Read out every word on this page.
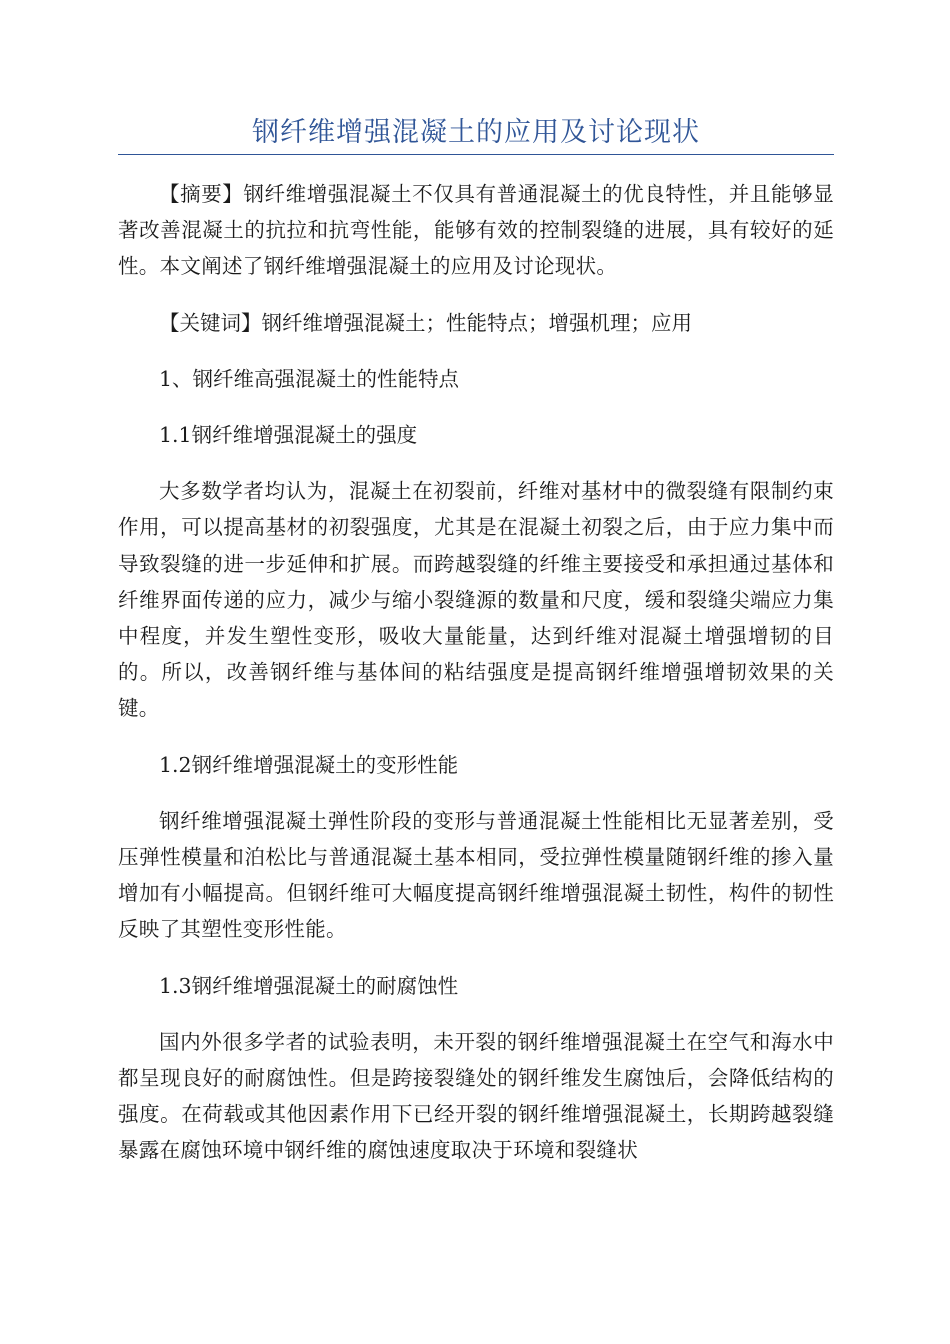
钢纤维增强混凝土的应用及讨论现状

【摘要】钢纤维增强混凝土不仅具有普通混凝土的优良特性，并且能够显著改善混凝土的抗拉和抗弯性能，能够有效的控制裂缝的进展，具有较好的延性。本文阐述了钢纤维增强混凝土的应用及讨论现状。

【关键词】钢纤维增强混凝土；性能特点；增强机理；应用

1、钢纤维高强混凝土的性能特点

1.1钢纤维增强混凝土的强度

大多数学者均认为，混凝土在初裂前，纤维对基材中的微裂缝有限制约束作用，可以提高基材的初裂强度，尤其是在混凝土初裂之后，由于应力集中而导致裂缝的进一步延伸和扩展。而跨越裂缝的纤维主要接受和承担通过基体和纤维界面传递的应力，减少与缩小裂缝源的数量和尺度，缓和裂缝尖端应力集中程度，并发生塑性变形，吸收大量能量，达到纤维对混凝土增强增韧的目的。所以，改善钢纤维与基体间的粘结强度是提高钢纤维增强增韧效果的关键。

1.2钢纤维增强混凝土的变形性能

钢纤维增强混凝土弹性阶段的变形与普通混凝土性能相比无显著差别，受压弹性模量和泊松比与普通混凝土基本相同，受拉弹性模量随钢纤维的掺入量增加有小幅提高。但钢纤维可大幅度提高钢纤维增强混凝土韧性，构件的韧性反映了其塑性变形性能。

1.3钢纤维增强混凝土的耐腐蚀性

国内外很多学者的试验表明，未开裂的钢纤维增强混凝土在空气和海水中都呈现良好的耐腐蚀性。但是跨接裂缝处的钢纤维发生腐蚀后，会降低结构的强度。在荷载或其他因素作用下已经开裂的钢纤维增强混凝土，长期跨越裂缝暴露在腐蚀环境中钢纤维的腐蚀速度取决于环境和裂缝状
